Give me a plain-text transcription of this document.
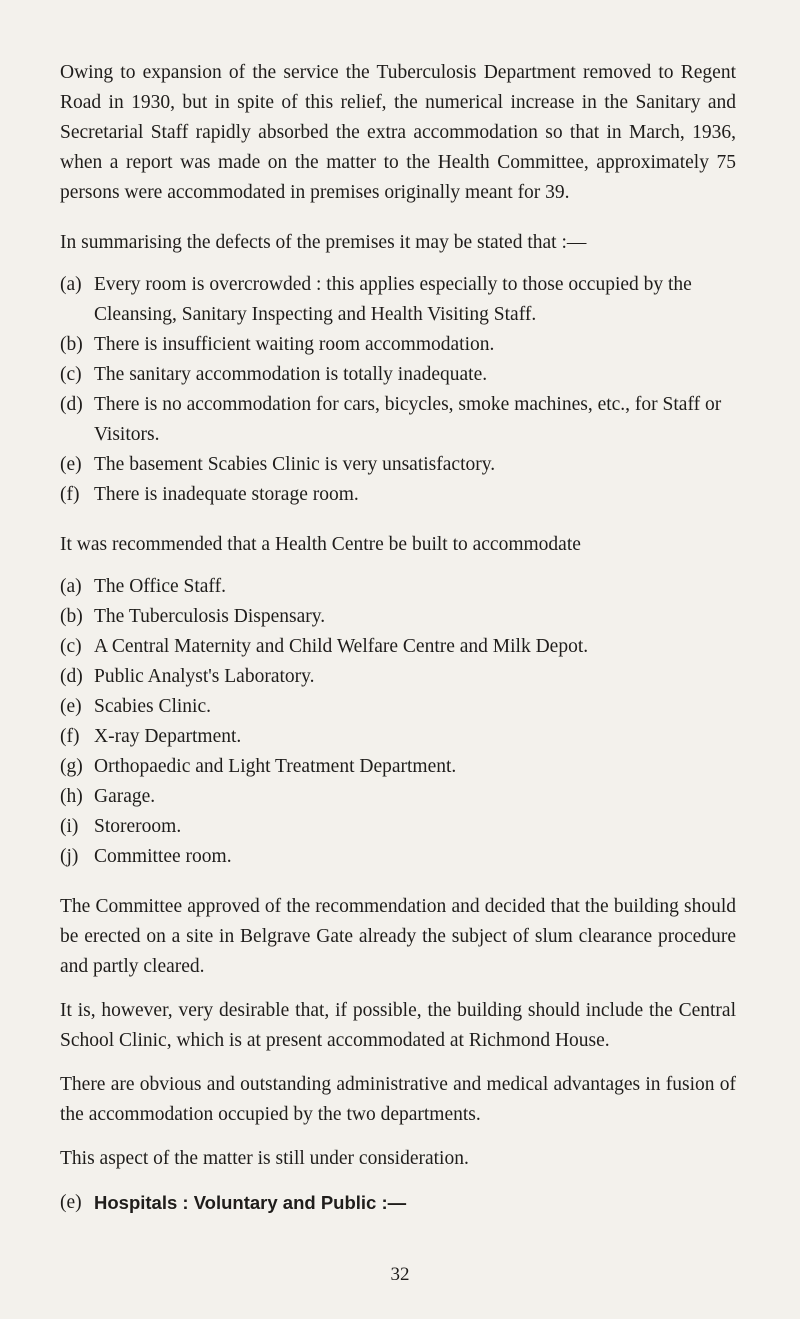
Owing to expansion of the service the Tuberculosis Department removed to Regent Road in 1930, but in spite of this relief, the numerical increase in the Sanitary and Secretarial Staff rapidly absorbed the extra accommodation so that in March, 1936, when a report was made on the matter to the Health Committee, approximately 75 persons were accommodated in premises originally meant for 39.

In summarising the defects of the premises it may be stated that :—

(a) Every room is overcrowded : this applies especially to those occupied by the Cleansing, Sanitary Inspecting and Health Visiting Staff.
(b) There is insufficient waiting room accommodation.
(c) The sanitary accommodation is totally inadequate.
(d) There is no accommodation for cars, bicycles, smoke machines, etc., for Staff or Visitors.
(e) The basement Scabies Clinic is very unsatisfactory.
(f) There is inadequate storage room.

It was recommended that a Health Centre be built to accommodate

(a) The Office Staff.
(b) The Tuberculosis Dispensary.
(c) A Central Maternity and Child Welfare Centre and Milk Depot.
(d) Public Analyst's Laboratory.
(e) Scabies Clinic.
(f) X-ray Department.
(g) Orthopaedic and Light Treatment Department.
(h) Garage.
(i) Storeroom.
(j) Committee room.

The Committee approved of the recommendation and decided that the building should be erected on a site in Belgrave Gate already the subject of slum clearance procedure and partly cleared.

It is, however, very desirable that, if possible, the building should include the Central School Clinic, which is at present accommodated at Richmond House.

There are obvious and outstanding administrative and medical advantages in fusion of the accommodation occupied by the two departments.

This aspect of the matter is still under consideration.

(e) Hospitals : Voluntary and Public :—
32
